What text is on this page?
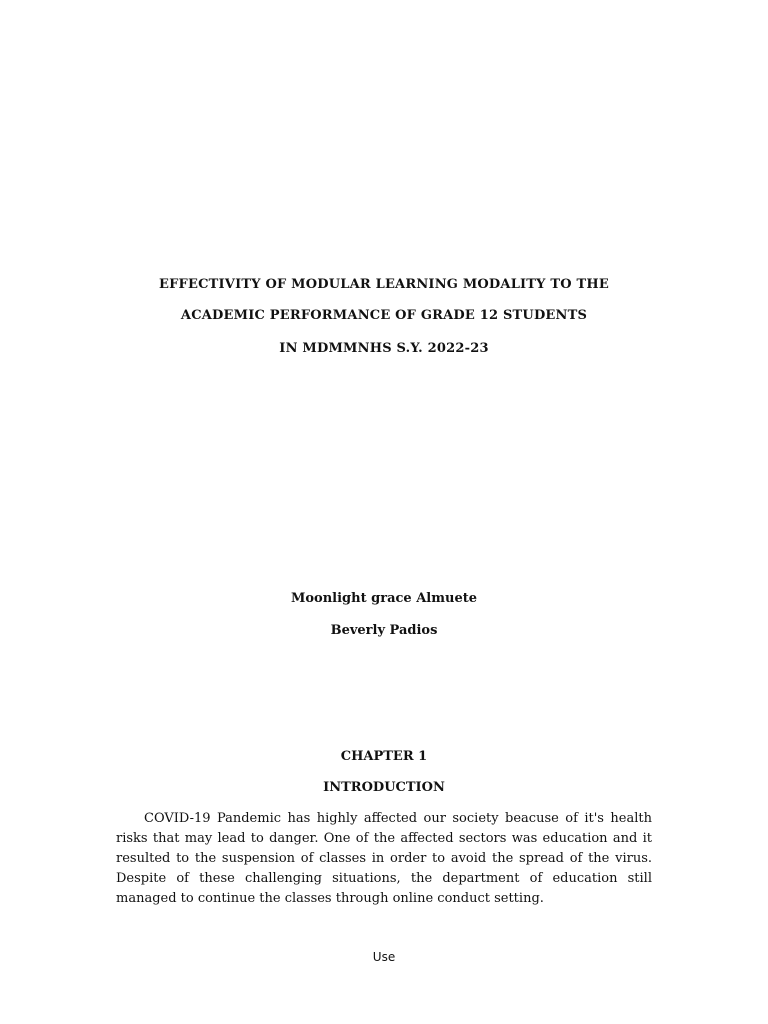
EFFECTIVITY OF MODULAR LEARNING MODALITY TO THE
ACADEMIC PERFORMANCE OF GRADE 12 STUDENTS
IN MDMMNHS S.Y. 2022-23
Moonlight grace Almuete
Beverly Padios
CHAPTER 1
INTRODUCTION

COVID-19 Pandemic has highly affected our society beacuse of it's health risks that may lead to danger. One of the affected sectors was education and it resulted to the suspension of classes in order to avoid the spread of the virus. Despite of these challenging situations, the department of education still managed to continue the classes through online conduct setting.

Use
